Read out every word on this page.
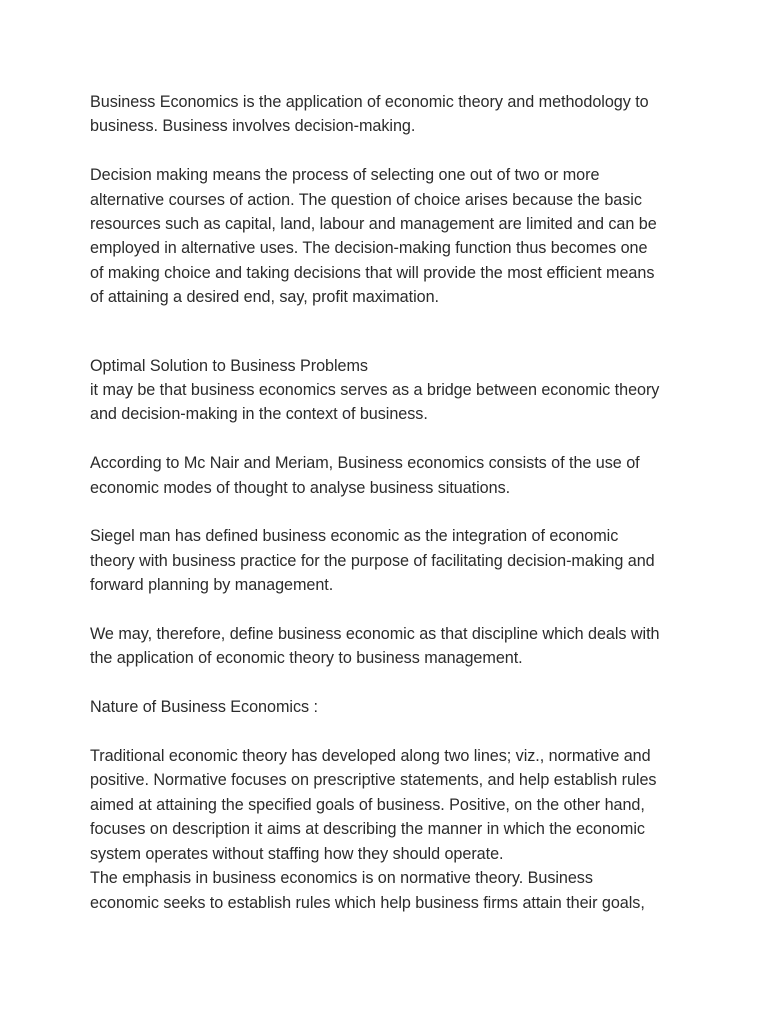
Business Economics is the application of economic theory and methodology to
business. Business involves decision-making.
Decision making means the process of selecting one out of two or more
alternative courses of action. The question of choice arises because the basic
resources such as capital, land, labour and management are limited and can be
employed in alternative uses. The decision-making function thus becomes one
of making choice and taking decisions that will provide the most efficient means
of attaining a desired end, say, profit maximation.
Optimal Solution to Business Problems
it may be that business economics serves as a bridge between economic theory
and decision-making in the context of business.
According to Mc Nair and Meriam, Business economics consists of the use of
economic modes of thought to analyse business situations.
Siegel man has defined business economic as the integration of economic
theory with business practice for the purpose of facilitating decision-making and
forward planning by management.
We may, therefore, define business economic as that discipline which deals with
the application of economic theory to business management.
Nature of Business Economics :
Traditional economic theory has developed along two lines; viz., normative and
positive. Normative focuses on prescriptive statements, and help establish rules
aimed at attaining the specified goals of business. Positive, on the other hand,
focuses on description it aims at describing the manner in which the economic
system operates without staffing how they should operate.
The emphasis in business economics is on normative theory. Business
economic seeks to establish rules which help business firms attain their goals,
